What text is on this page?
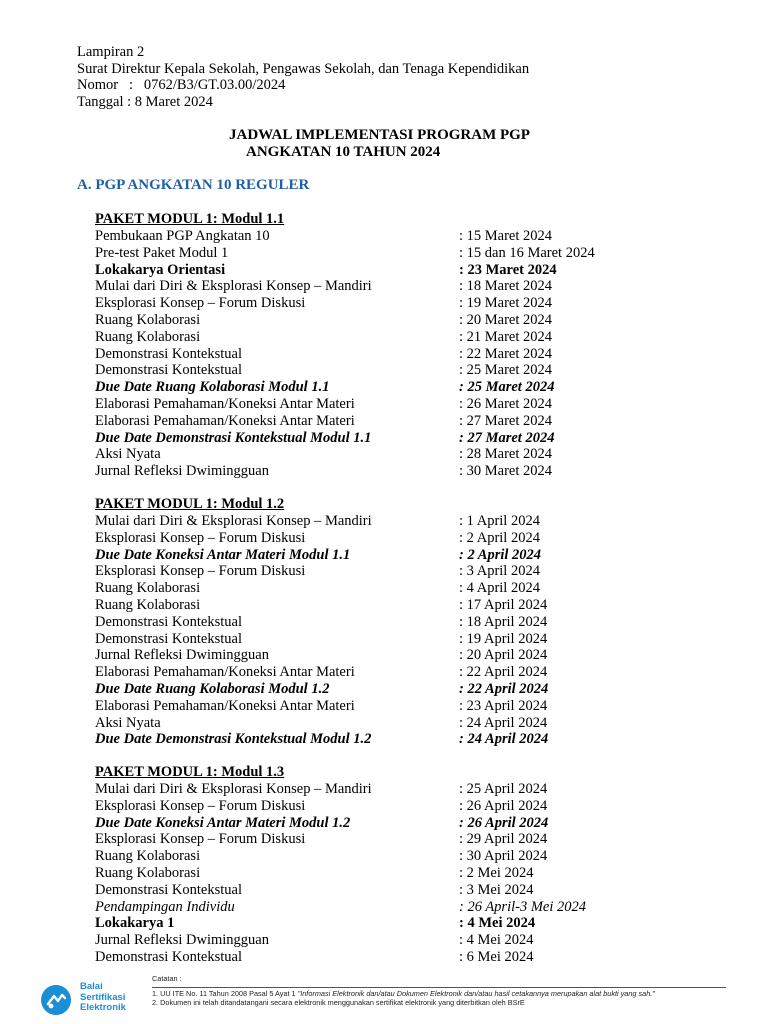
Lampiran 2
Surat Direktur Kepala Sekolah, Pengawas Sekolah, dan Tenaga Kependidikan
Nomor   :   0762/B3/GT.03.00/2024
Tanggal : 8 Maret 2024
JADWAL IMPLEMENTASI PROGRAM PGP
ANGKATAN 10 TAHUN 2024
A. PGP ANGKATAN 10 REGULER
PAKET MODUL 1: Modul 1.1
Pembukaan PGP Angkatan 10	: 15 Maret 2024
Pre-test Paket Modul 1	: 15 dan 16 Maret 2024
Lokakarya Orientasi	: 23 Maret 2024
Mulai dari Diri & Eksplorasi Konsep – Mandiri	: 18 Maret 2024
Eksplorasi Konsep – Forum Diskusi	: 19 Maret 2024
Ruang Kolaborasi	: 20 Maret 2024
Ruang Kolaborasi	: 21 Maret 2024
Demonstrasi Kontekstual	: 22 Maret 2024
Demonstrasi Kontekstual	: 25 Maret 2024
Due Date Ruang Kolaborasi Modul 1.1	: 25 Maret 2024
Elaborasi Pemahaman/Koneksi Antar Materi	: 26 Maret 2024
Elaborasi Pemahaman/Koneksi Antar Materi	: 27 Maret 2024
Due Date Demonstrasi Kontekstual Modul 1.1	: 27 Maret 2024
Aksi Nyata	: 28 Maret 2024
Jurnal Refleksi Dwimingguan	: 30 Maret 2024
PAKET MODUL 1: Modul 1.2
Mulai dari Diri & Eksplorasi Konsep – Mandiri	: 1 April 2024
Eksplorasi Konsep – Forum Diskusi	: 2 April 2024
Due Date Koneksi Antar Materi Modul 1.1	: 2 April 2024
Eksplorasi Konsep – Forum Diskusi	: 3 April 2024
Ruang Kolaborasi	: 4 April 2024
Ruang Kolaborasi	: 17 April 2024
Demonstrasi Kontekstual	: 18 April 2024
Demonstrasi Kontekstual	: 19 April 2024
Jurnal Refleksi Dwimingguan	: 20 April 2024
Elaborasi Pemahaman/Koneksi Antar Materi	: 22 April 2024
Due Date Ruang Kolaborasi Modul 1.2	: 22 April 2024
Elaborasi Pemahaman/Koneksi Antar Materi	: 23 April 2024
Aksi Nyata	: 24 April 2024
Due Date Demonstrasi Kontekstual Modul 1.2	: 24 April 2024
PAKET MODUL 1: Modul 1.3
Mulai dari Diri & Eksplorasi Konsep – Mandiri	: 25 April 2024
Eksplorasi Konsep – Forum Diskusi	: 26 April 2024
Due Date Koneksi Antar Materi Modul 1.2	: 26 April 2024
Eksplorasi Konsep – Forum Diskusi	: 29 April 2024
Ruang Kolaborasi	: 30 April 2024
Ruang Kolaborasi	: 2 Mei 2024
Demonstrasi Kontekstual	: 3 Mei 2024
Pendampingan Individu	: 26 April-3 Mei 2024
Lokakarya 1	: 4 Mei 2024
Jurnal Refleksi Dwimingguan	: 4 Mei 2024
Demonstrasi Kontekstual	: 6 Mei 2024
Balai
Sertifikasi
Elektronik
Catatan :
1. UU ITE No. 11 Tahun 2008 Pasal 5 Ayat 1 "Informasi Elektronik dan/atau Dokumen Elektronik dan/atau hasil cetakannya merupakan alat bukti yang sah."
2. Dokumen ini telah ditandatangani secara elektronik menggunakan sertifikat elektronik yang diterbitkan oleh BSrE
